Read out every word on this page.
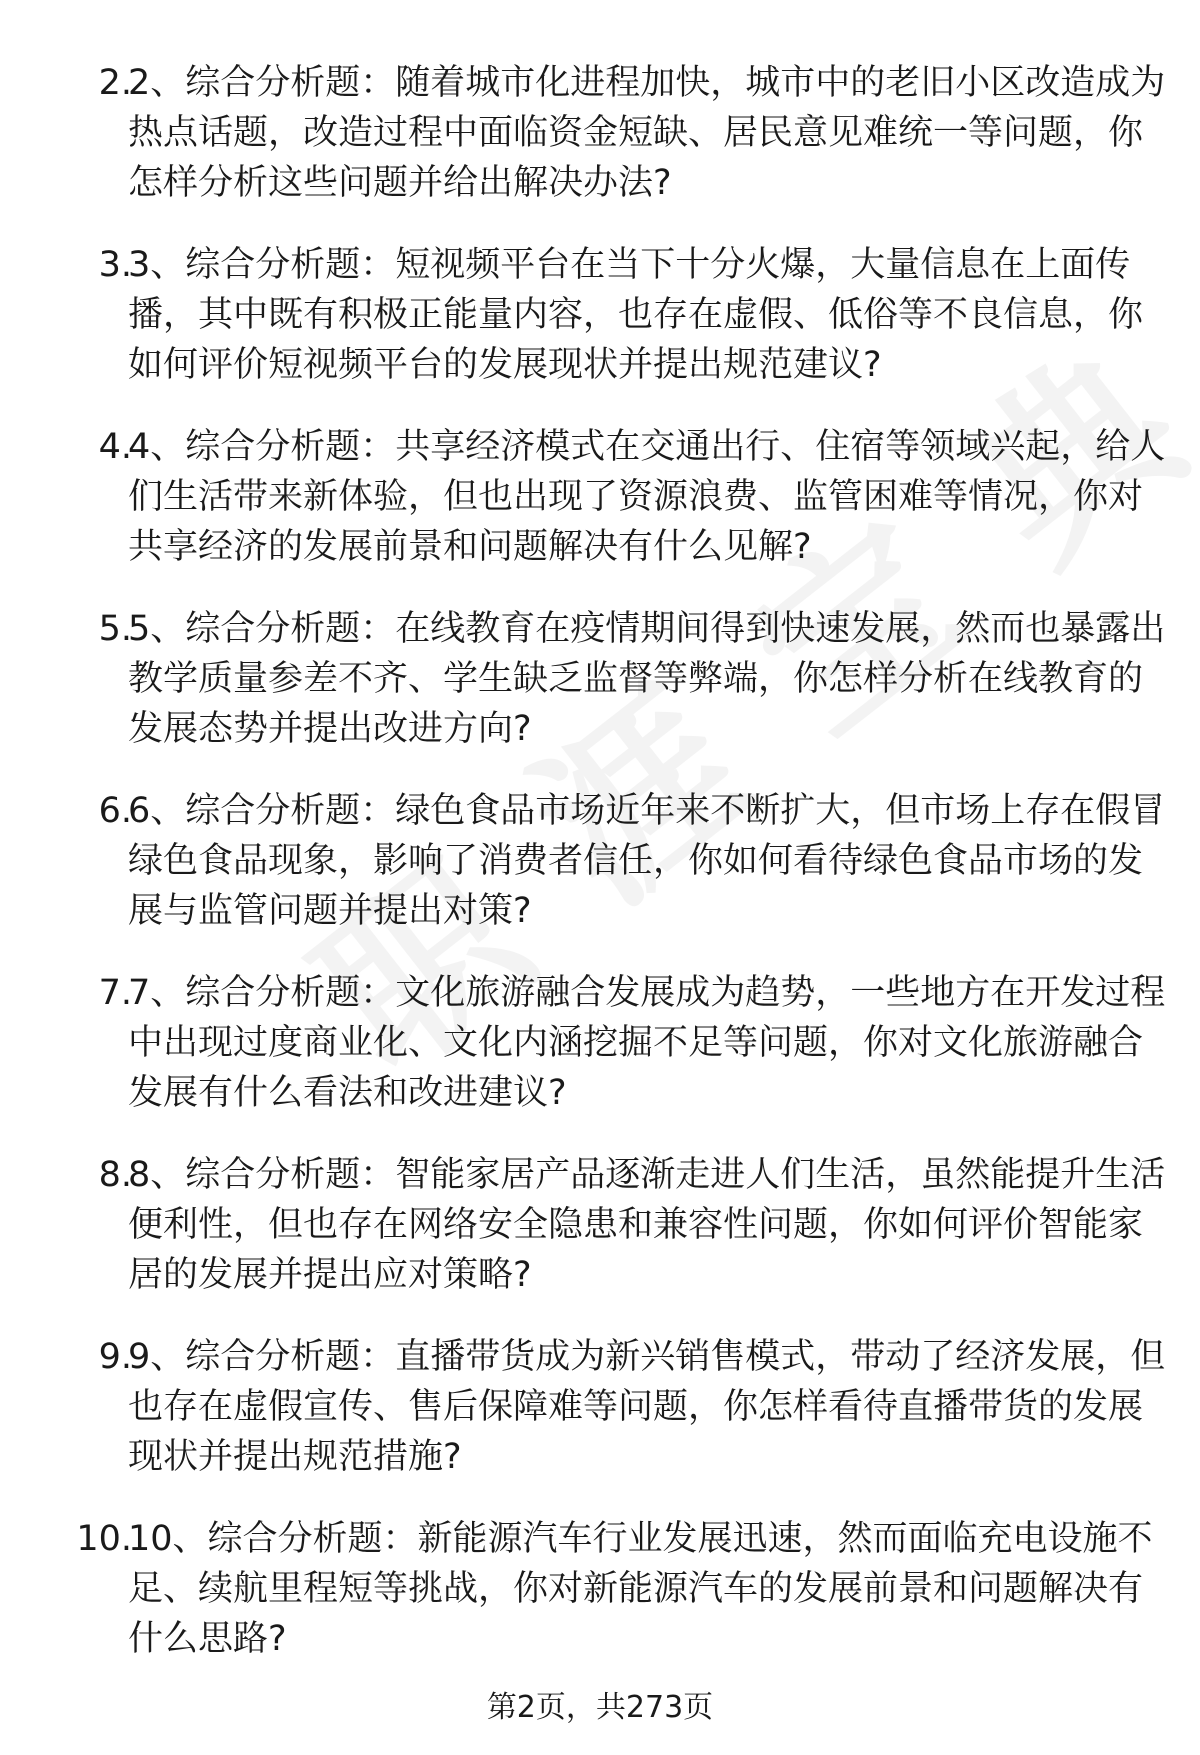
2.
2、综合分析题：随着城市化进程加快，城市中的老旧小区改造成为热点话题，改造过程中面临资金短缺、居民意见难统一等问题，你怎样分析这些问题并给出解决办法?
3.
3、综合分析题：短视频平台在当下十分火爆，大量信息在上面传播，其中既有积极正能量内容，也存在虚假、低俗等不良信息，你如何评价短视频平台的发展现状并提出规范建议?
4.
4、综合分析题：共享经济模式在交通出行、住宿等领域兴起，给人们生活带来新体验，但也出现了资源浪费、监管困难等情况，你对共享经济的发展前景和问题解决有什么见解?
5.
5、综合分析题：在线教育在疫情期间得到快速发展，然而也暴露出教学质量参差不齐、学生缺乏监督等弊端，你怎样分析在线教育的发展态势并提出改进方向?
6.
6、综合分析题：绿色食品市场近年来不断扩大，但市场上存在假冒绿色食品现象，影响了消费者信任，你如何看待绿色食品市场的发展与监管问题并提出对策?
7.
7、综合分析题：文化旅游融合发展成为趋势，一些地方在开发过程中出现过度商业化、文化内涵挖掘不足等问题，你对文化旅游融合发展有什么看法和改进建议?
8.
8、综合分析题：智能家居产品逐渐走进人们生活，虽然能提升生活便利性，但也存在网络安全隐患和兼容性问题，你如何评价智能家居的发展并提出应对策略?
9.
9、综合分析题：直播带货成为新兴销售模式，带动了经济发展，但也存在虚假宣传、售后保障难等问题，你怎样看待直播带货的发展现状并提出规范措施?
10.
10、综合分析题：新能源汽车行业发展迅速，然而面临充电设施不足、续航里程短等挑战，你对新能源汽车的发展前景和问题解决有什么思路?
第2页，共273页
